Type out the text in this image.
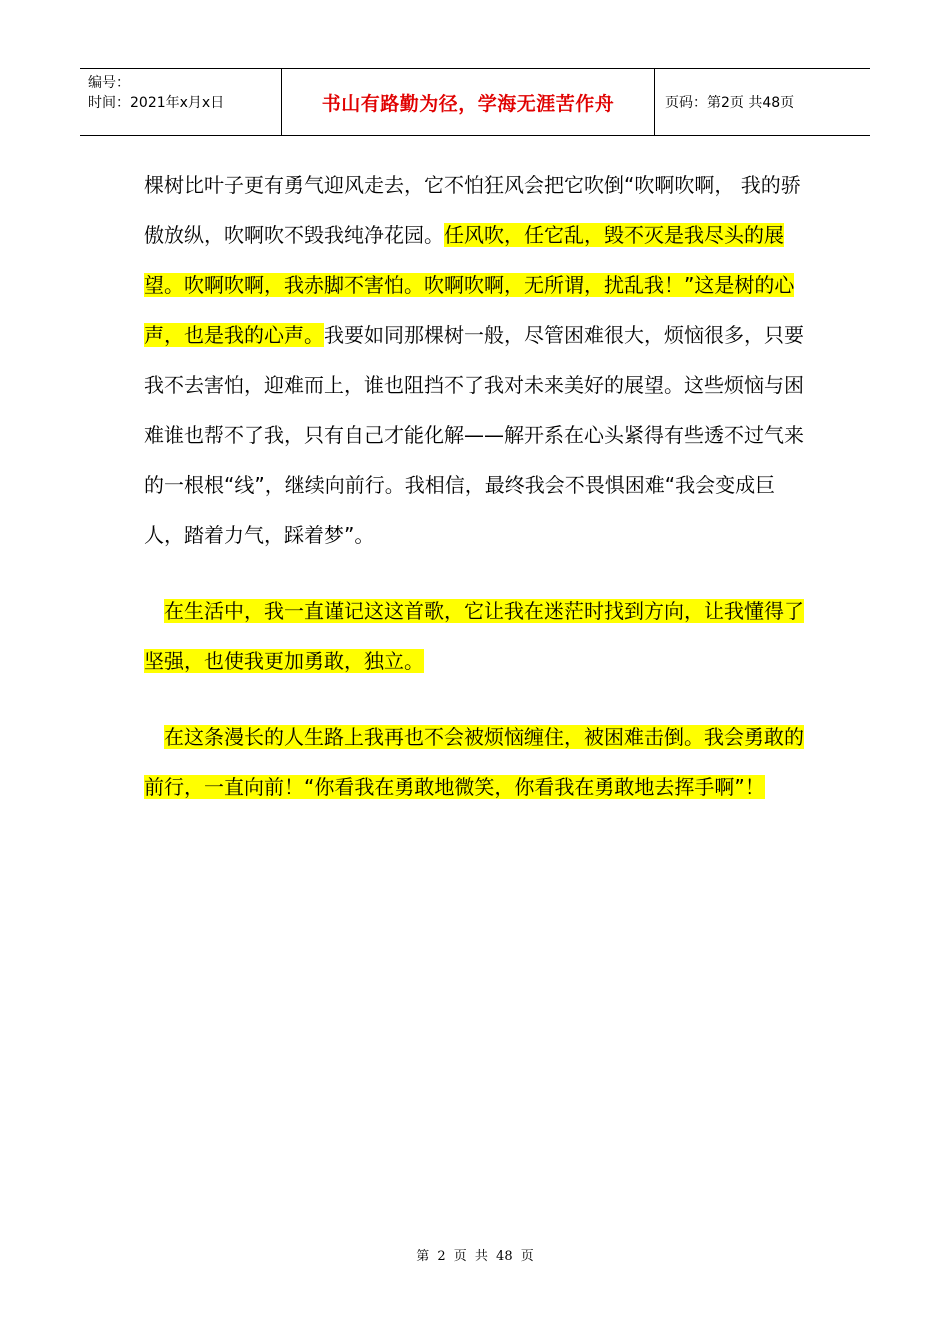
编号：
时间：2021年x月x日	书山有路勤为径，学海无涯苦作舟	页码：第2页 共48页

棵树比叶子更有勇气迎风走去，它不怕狂风会把它吹倒“吹啊吹啊， 我的骄傲放纵，吹啊吹不毁我纯净花园。任风吹，任它乱，毁不灭是我尽头的展望。吹啊吹啊，我赤脚不害怕。吹啊吹啊，无所谓，扰乱我！”这是树的心声，也是我的心声。我要如同那棵树一般，尽管困难很大，烦恼很多，只要我不去害怕，迎难而上，谁也阻挡不了我对未来美好的展望。这些烦恼与困难谁也帮不了我，只有自己才能化解——解开系在心头紧得有些透不过气来的一根根“线”，继续向前行。我相信，最终我会不畏惧困难“我会变成巨人，踏着力气，踩着梦”。

　在生活中，我一直谨记这这首歌，它让我在迷茫时找到方向，让我懂得了坚强，也使我更加勇敢，独立。

　在这条漫长的人生路上我再也不会被烦恼缠住，被困难击倒。我会勇敢的前行，一直向前！“你看我在勇敢地微笑，你看我在勇敢地去挥手啊”！

第 2 页 共 48 页
